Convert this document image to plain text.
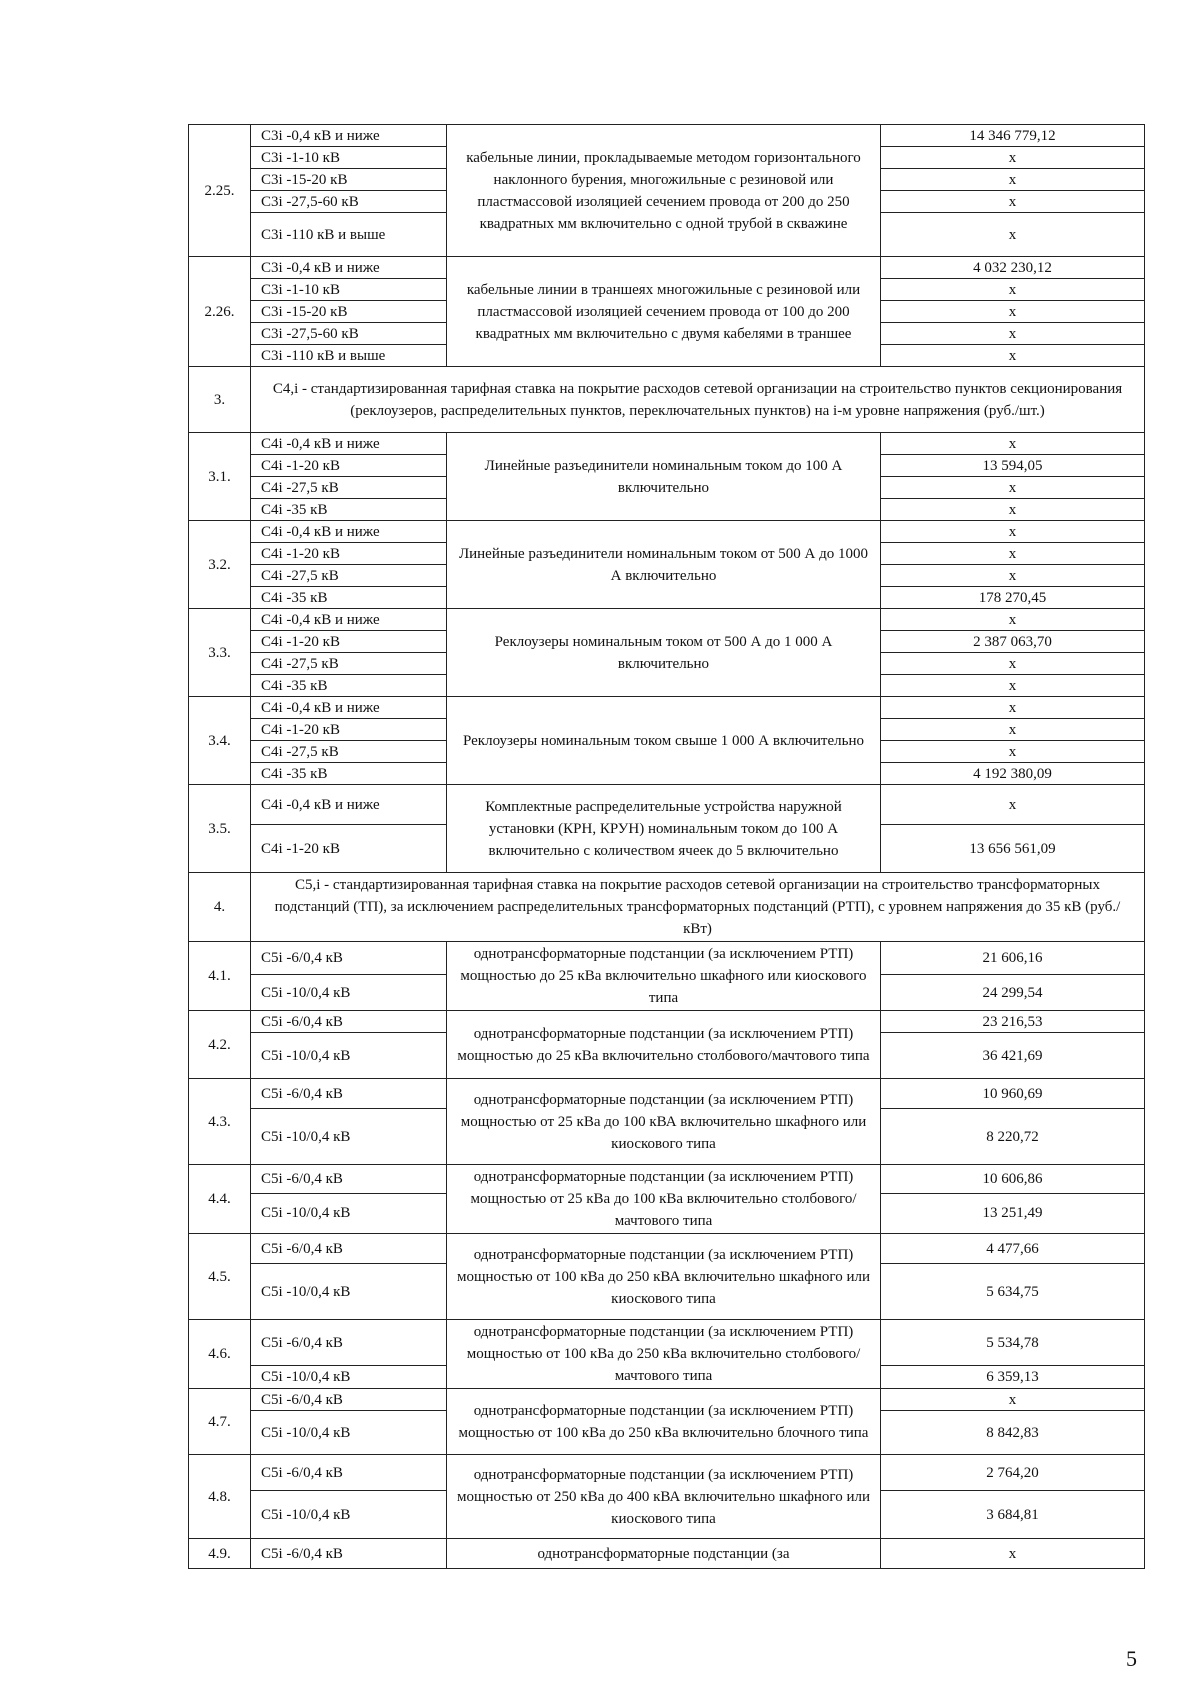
2.25.	C3i -0,4 кВ и ниже	кабельные линии, прокладываемые методом горизонтального наклонного бурения, многожильные с резиновой или пластмассовой изоляцией сечением провода от 200 до 250 квадратных мм включительно с одной трубой в скважине	14 346 779,12
	C3i -1-10 кВ		x
	C3i -15-20 кВ		x
	C3i -27,5-60 кВ		x
	C3i -110 кВ и выше		x
2.26.	C3i -0,4 кВ и ниже	кабельные линии в траншеях многожильные с резиновой или пластмассовой изоляцией сечением провода от 100 до 200 квадратных мм включительно с двумя кабелями в траншее	4 032 230,12
	C3i -1-10 кВ		x
	C3i -15-20 кВ		x
	C3i -27,5-60 кВ		x
	C3i -110 кВ и выше		x
3.	C4,i - стандартизированная тарифная ставка на покрытие расходов сетевой организации на строительство пунктов секционирования (реклоузеров, распределительных пунктов, переключательных пунктов) на i-м уровне напряжения (руб./шт.)		
3.1.	C4i -0,4 кВ и ниже	Линейные разъединители номинальным током до 100 А включительно	x
	C4i -1-20 кВ		13 594,05
	C4i -27,5 кВ		x
	C4i -35 кВ		x
3.2.	C4i -0,4 кВ и ниже	Линейные разъединители номинальным током от 500 А до 1000 А включительно	x
	C4i -1-20 кВ		x
	C4i -27,5 кВ		x
	C4i -35 кВ		178 270,45
3.3.	C4i -0,4 кВ и ниже	Реклоузеры номинальным током от 500 А до 1 000 А включительно	x
	C4i -1-20 кВ		2 387 063,70
	C4i -27,5 кВ		x
	C4i -35 кВ		x
3.4.	C4i -0,4 кВ и ниже	Реклоузеры номинальным током свыше 1 000 А включительно	x
	C4i -1-20 кВ		x
	C4i -27,5 кВ		x
	C4i -35 кВ		4 192 380,09
3.5.	C4i -0,4 кВ и ниже	Комплектные распределительные устройства наружной установки (КРН, КРУН) номинальным током до 100 А включительно с количеством ячеек до 5 включительно	x
	C4i -1-20 кВ		13 656 561,09
4.	C5,i - стандартизированная тарифная ставка на покрытие расходов сетевой организации на строительство трансформаторных подстанций (ТП), за исключением распределительных трансформаторных подстанций (РТП), с уровнем напряжения до 35 кВ (руб./кВт)		
4.1.	C5i -6/0,4 кВ	однотрансформаторные подстанции (за исключением РТП) мощностью до 25 кВа включительно шкафного или киоскового типа	21 606,16
	C5i -10/0,4 кВ		24 299,54
4.2.	C5i -6/0,4 кВ	однотрансформаторные подстанции (за исключением РТП) мощностью до 25 кВа включительно столбового/мачтового типа	23 216,53
	C5i -10/0,4 кВ		36 421,69
4.3.	C5i -6/0,4 кВ	однотрансформаторные подстанции (за исключением РТП) мощностью от 25 кВа до 100 кВА включительно шкафного или киоскового типа	10 960,69
	C5i -10/0,4 кВ		8 220,72
4.4.	C5i -6/0,4 кВ	однотрансформаторные подстанции (за исключением РТП) мощностью от 25 кВа до 100 кВа включительно столбового/мачтового типа	10 606,86
	C5i -10/0,4 кВ		13 251,49
4.5.	C5i -6/0,4 кВ	однотрансформаторные подстанции (за исключением РТП) мощностью от 100 кВа до 250 кВА включительно шкафного или киоскового типа	4 477,66
	C5i -10/0,4 кВ		5 634,75
4.6.	C5i -6/0,4 кВ	однотрансформаторные подстанции (за исключением РТП) мощностью от 100 кВа до 250 кВа включительно столбового/мачтового типа	5 534,78
	C5i -10/0,4 кВ		6 359,13
4.7.	C5i -6/0,4 кВ	однотрансформаторные подстанции (за исключением РТП) мощностью от 100 кВа до 250 кВа включительно блочного типа	x
	C5i -10/0,4 кВ		8 842,83
4.8.	C5i -6/0,4 кВ	однотрансформаторные подстанции (за исключением РТП) мощностью от 250 кВа до 400 кВА включительно шкафного или киоскового типа	2 764,20
	C5i -10/0,4 кВ		3 684,81
4.9.	C5i -6/0,4 кВ	однотрансформаторные подстанции (за	x
5
